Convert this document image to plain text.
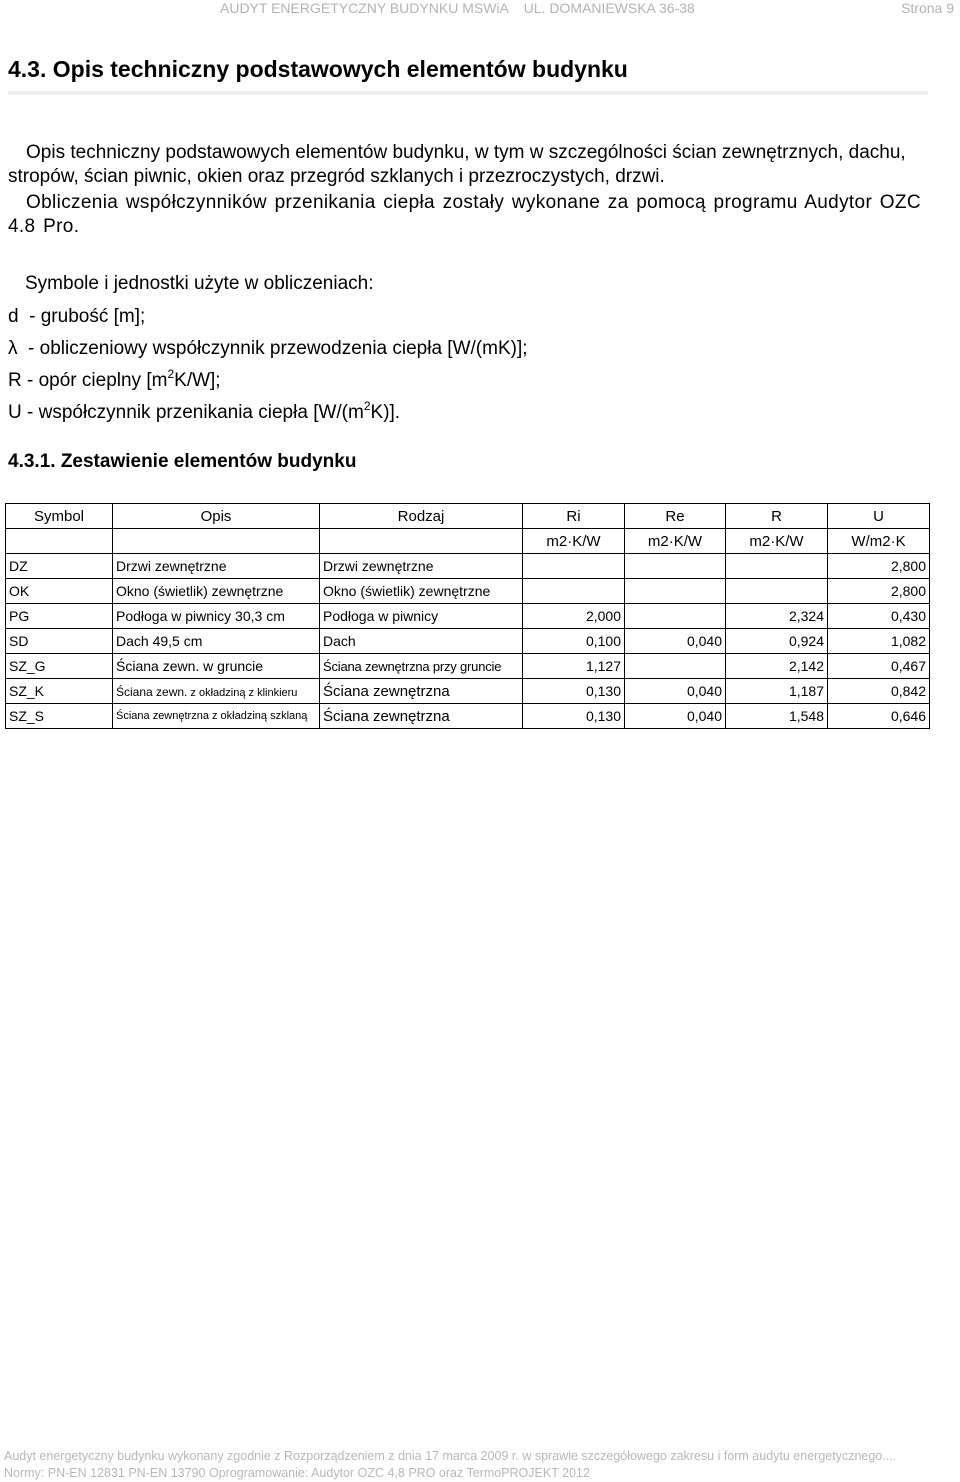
AUDYT ENERGETYCZNY BUDYNKU MSWiA    UL. DOMANIEWSKA 36-38	Strona 9
4.3. Opis techniczny podstawowych elementów budynku

Opis techniczny podstawowych elementów budynku, w tym w szczególności ścian zewnętrznych, dachu, stropów, ścian piwnic, okien oraz przegród szklanych i przezroczystych, drzwi.

Obliczenia współczynników przenikania ciepła zostały wykonane za pomocą programu Audytor OZC 4.8 Pro.

Symbole i jednostki użyte w obliczeniach:
d  - grubość [m];
λ  - obliczeniowy współczynnik przewodzenia ciepła [W/(mK)];
R - opór cieplny $[m^2K/W]$;
U - współczynnik przenikania ciepła $[W/(m^2K)]$.
4.3.1. Zestawienie elementów budynku
Symbol	Opis	Rodzaj	Ri	Re	R	U
			m2·K/W	m2·K/W	m2·K/W	W/m2·K
DZ	Drzwi zewnętrzne	Drzwi zewnętrzne				2,800
OK	Okno (świetlik) zewnętrzne	Okno (świetlik) zewnętrzne				2,800
PG	Podłoga w piwnicy 30,3 cm	Podłoga w piwnicy	2,000		2,324	0,430
SD	Dach 49,5 cm	Dach	0,100	0,040	0,924	1,082
SZ_G	Ściana zewn. w gruncie	Ściana zewnętrzna przy gruncie	1,127		2,142	0,467
SZ_K	Ściana zewn. z okładziną z klinkieru	Ściana zewnętrzna	0,130	0,040	1,187	0,842
SZ_S	Ściana zewnętrzna z okładziną szklaną	Ściana zewnętrzna	0,130	0,040	1,548	0,646
Audyt energetyczny budynku wykonany zgodnie z Rozporządzeniem z dnia 17 marca 2009 r. w sprawie szczegółowego zakresu i form audytu energetycznego....
Normy: PN-EN 12831 PN-EN 13790 Oprogramowanie: Audytor OZC 4,8 PRO oraz TermoPROJEKT 2012
